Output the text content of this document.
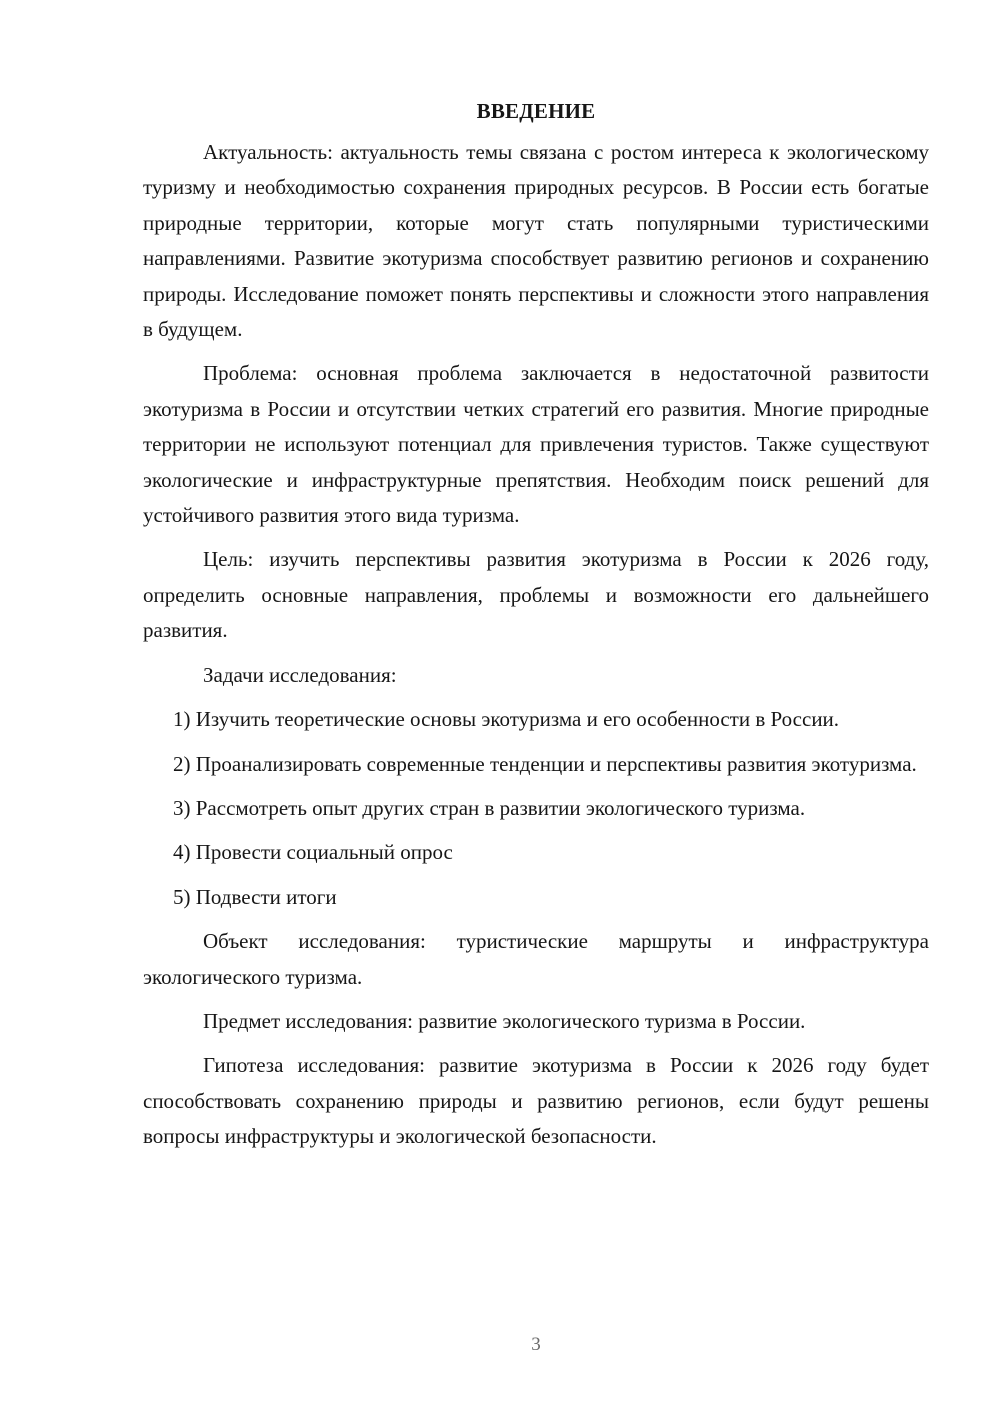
ВВЕДЕНИЕ

Актуальность: актуальность темы связана с ростом интереса к экологическому туризму и необходимостью сохранения природных ресурсов. В России есть богатые природные территории, которые могут стать популярными туристическими направлениями. Развитие экотуризма способствует развитию регионов и сохранению природы. Исследование поможет понять перспективы и сложности этого направления в будущем.

Проблема: основная проблема заключается в недостаточной развитости экотуризма в России и отсутствии четких стратегий его развития. Многие природные территории не используют потенциал для привлечения туристов. Также существуют экологические и инфраструктурные препятствия. Необходим поиск решений для устойчивого развития этого вида туризма.

Цель: изучить перспективы развития экотуризма в России к 2026 году, определить основные направления, проблемы и возможности его дальнейшего развития.

Задачи исследования:

1) Изучить теоретические основы экотуризма и его особенности в России.

2) Проанализировать современные тенденции и перспективы развития экотуризма.

3) Рассмотреть опыт других стран в развитии экологического туризма.

4) Провести социальный опрос

5) Подвести итоги

Объект исследования: туристические маршруты и инфраструктура экологического туризма.

Предмет исследования: развитие экологического туризма в России.

Гипотеза исследования: развитие экотуризма в России к 2026 году будет способствовать сохранению природы и развитию регионов, если будут решены вопросы инфраструктуры и экологической безопасности.

3
